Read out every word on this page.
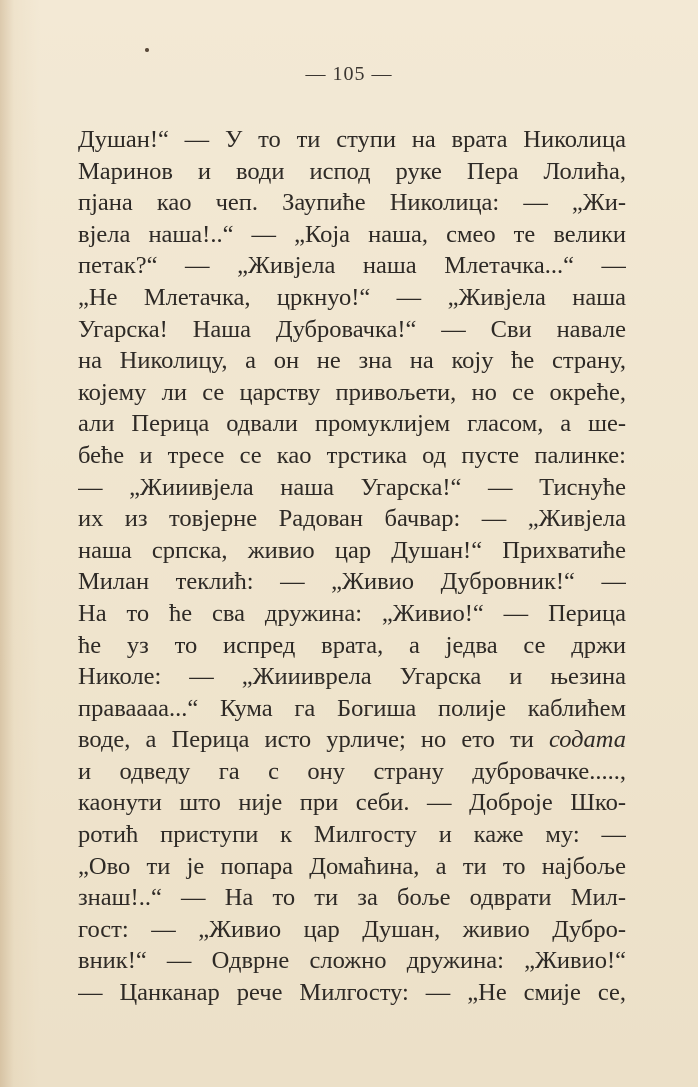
— 105 —
Душан!“ — У то ти ступи на врата Николица
Маринов и води испод руке Пера Лолића,
пјана као чеп. Заупиће Николица: — „Жи-
вјела наша!..“ — „Која наша, смео те велики
петак?“ — „Живјела наша Млетачка...“ —
„Не Млетачка, цркнуо!“ — „Живјела наша
Угарска! Наша Дубровачка!“ — Сви навале
на Николицу, а он не зна на коју ће страну,
којему ли се царству привољети, но се окреће,
али Перица одвали промуклијем гласом, а ше-
бећe и тресе се као трстика од пусте палинке:
— „Жииивјела наша Угарска!“ — Тиснуће
их из товјерне Радован бачвар: — „Живјела
наша српска, живио цар Душан!“ Прихватиће
Милан теклић: — „Живио Дубровник!“ —
На то ће сва дружина: „Живио!“ — Перица
ће уз то испред врата, а једва се држи
Николе: — „Жиииврела Угарска и њезина
праваааа...“ Кума га Богиша полије каблићем
воде, а Перица исто урличе; но ето ти содата
и одведу га с ону страну дубровачке.....,
каонути што није при себи. — Доброје Шко-
ротић приступи к Милгосту и каже му: —
„Ово ти је попара Домаћина, а ти то најбоље
знаш!..“ — На то ти за боље одврати Мил-
гост: — „Живио цар Душан, живио Дубро-
вник!“ — Одврне сложно дружина: „Живио!“
— Цанканар рече Милгосту: — „Не смије се,
